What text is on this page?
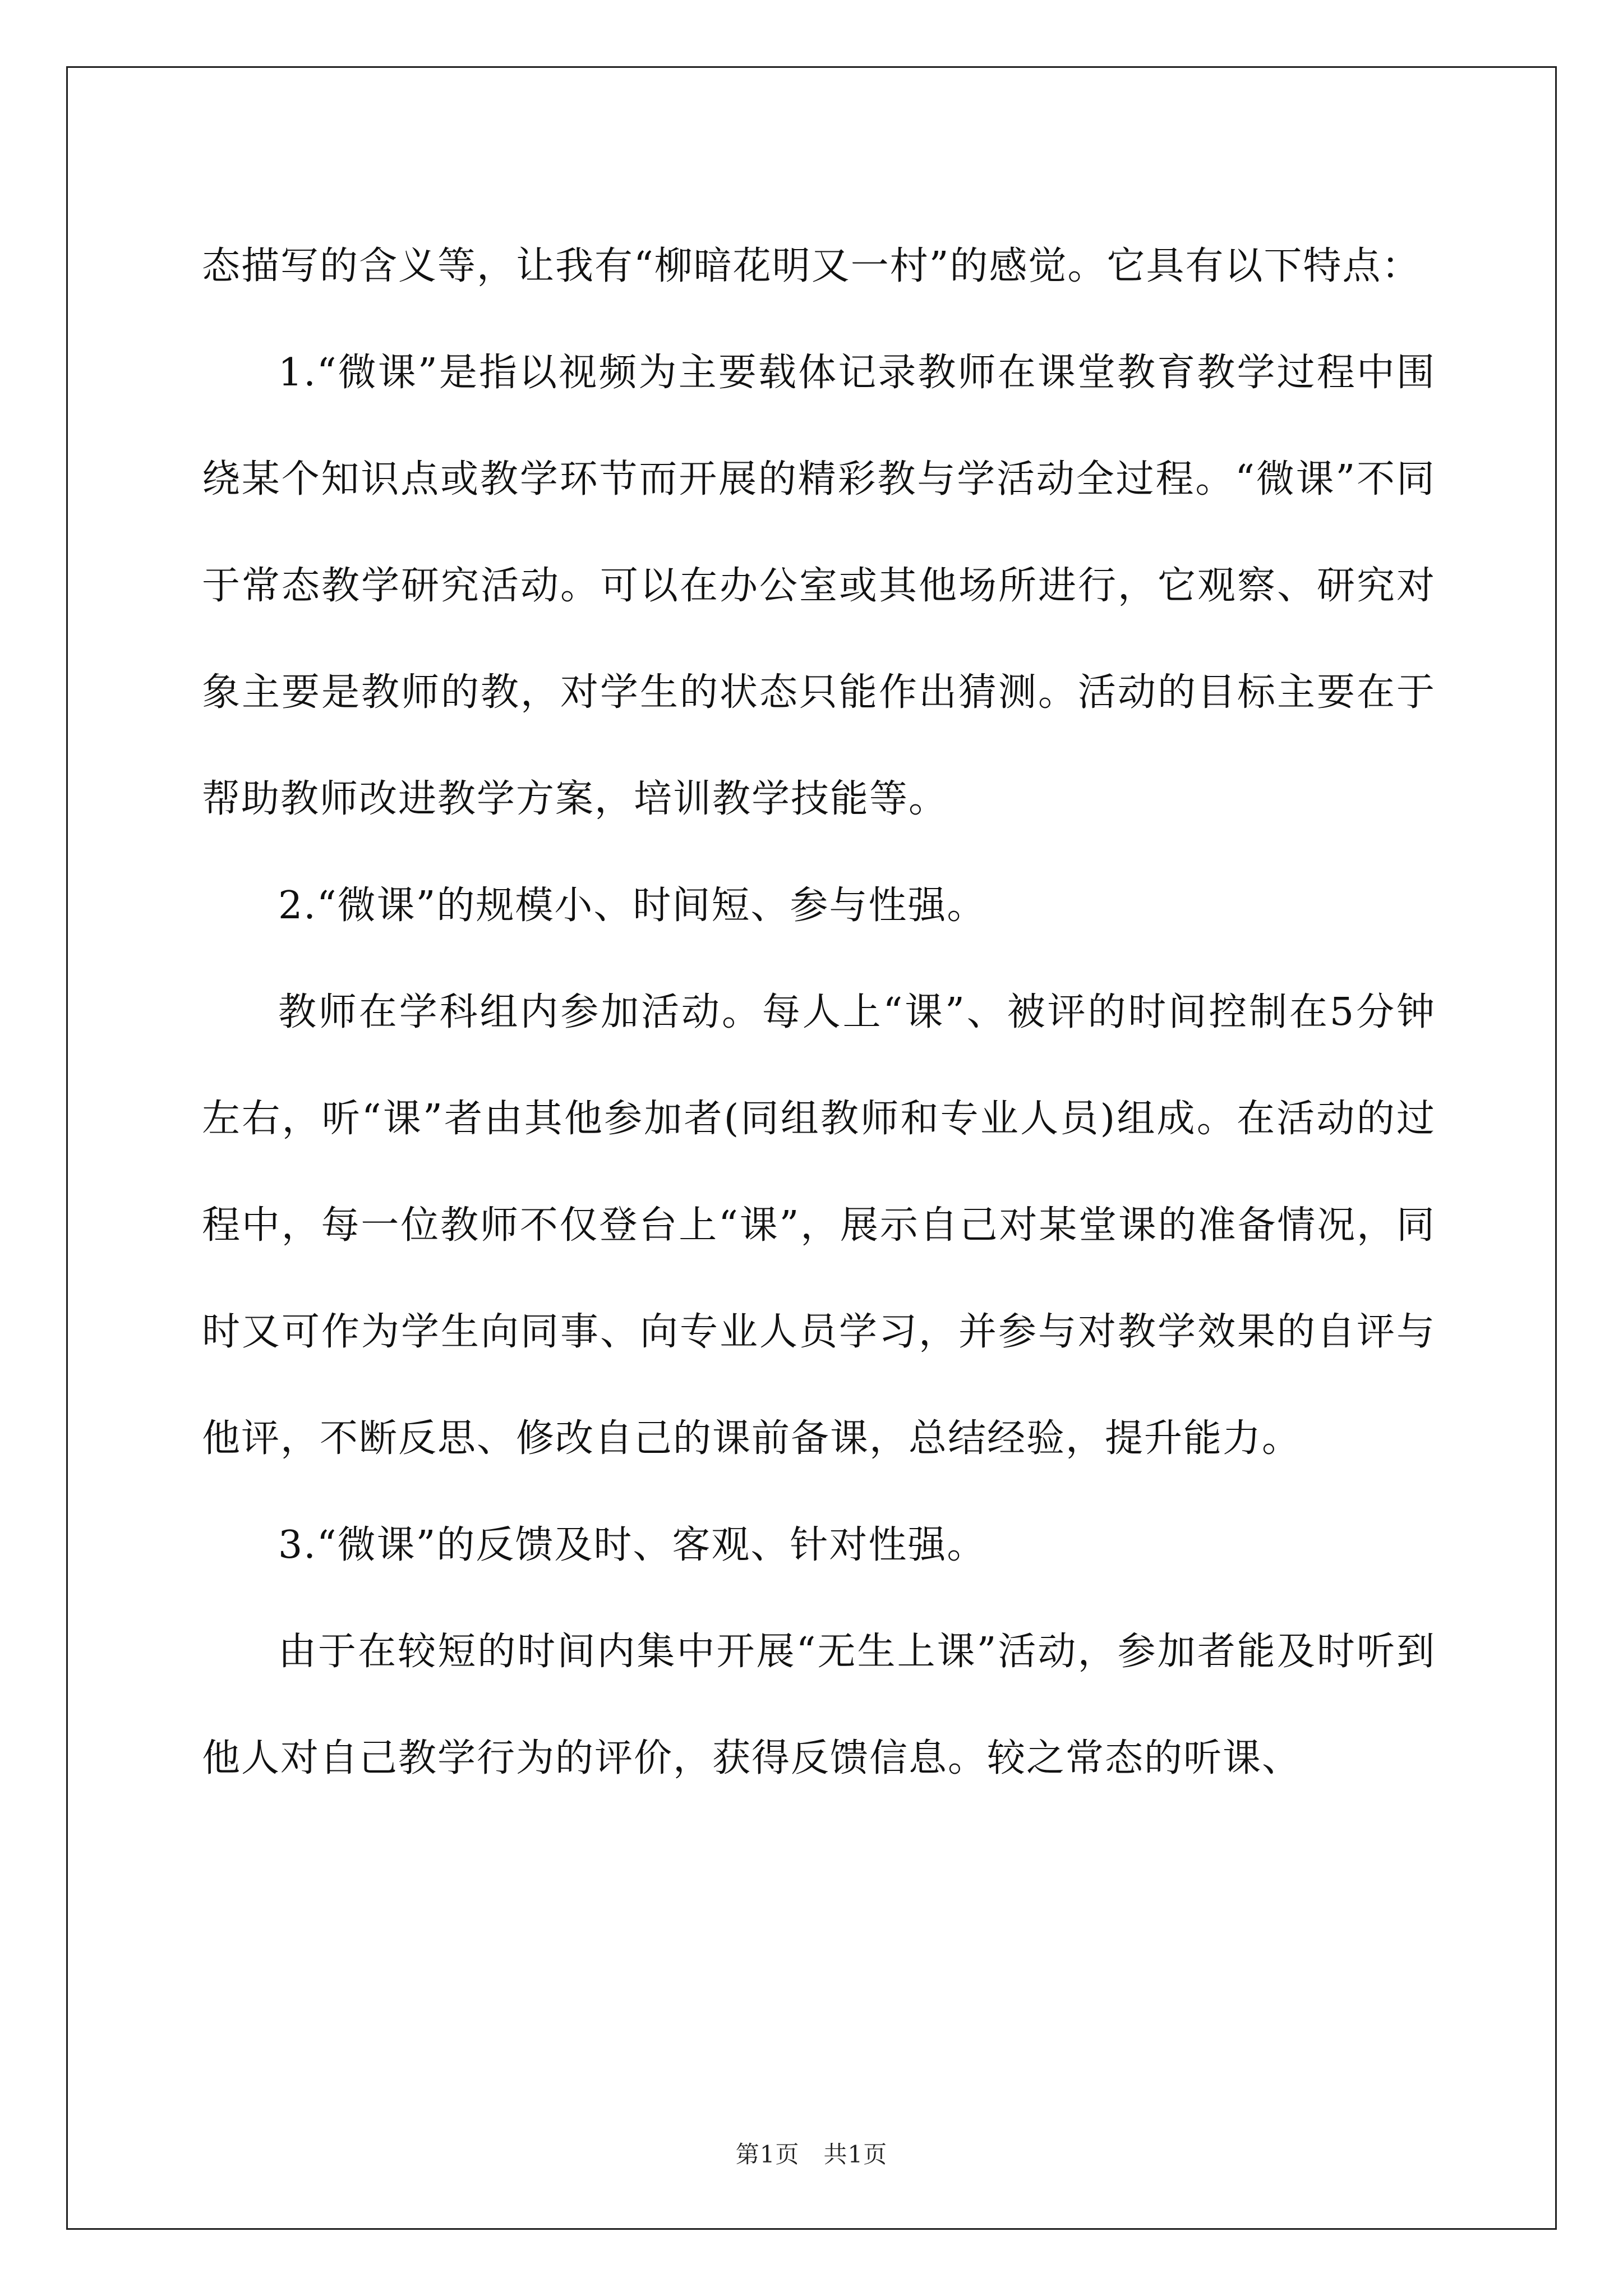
态描写的含义等，让我有“柳暗花明又一村”的感觉。它具有以下特点：

1.“微课”是指以视频为主要载体记录教师在课堂教育教学过程中围绕某个知识点或教学环节而开展的精彩教与学活动全过程。“微课”不同于常态教学研究活动。可以在办公室或其他场所进行，它观察、研究对象主要是教师的教，对学生的状态只能作出猜测。活动的目标主要在于帮助教师改进教学方案，培训教学技能等。

2.“微课”的规模小、时间短、参与性强。

教师在学科组内参加活动。每人上“课”、被评的时间控制在5分钟左右，听“课”者由其他参加者(同组教师和专业人员)组成。在活动的过程中，每一位教师不仅登台上“课”，展示自己对某堂课的准备情况，同时又可作为学生向同事、向专业人员学习，并参与对教学效果的自评与他评，不断反思、修改自己的课前备课，总结经验，提升能力。

3.“微课”的反馈及时、客观、针对性强。

由于在较短的时间内集中开展“无生上课”活动，参加者能及时听到他人对自己教学行为的评价，获得反馈信息。较之常态的听课、

第1页　共1页
